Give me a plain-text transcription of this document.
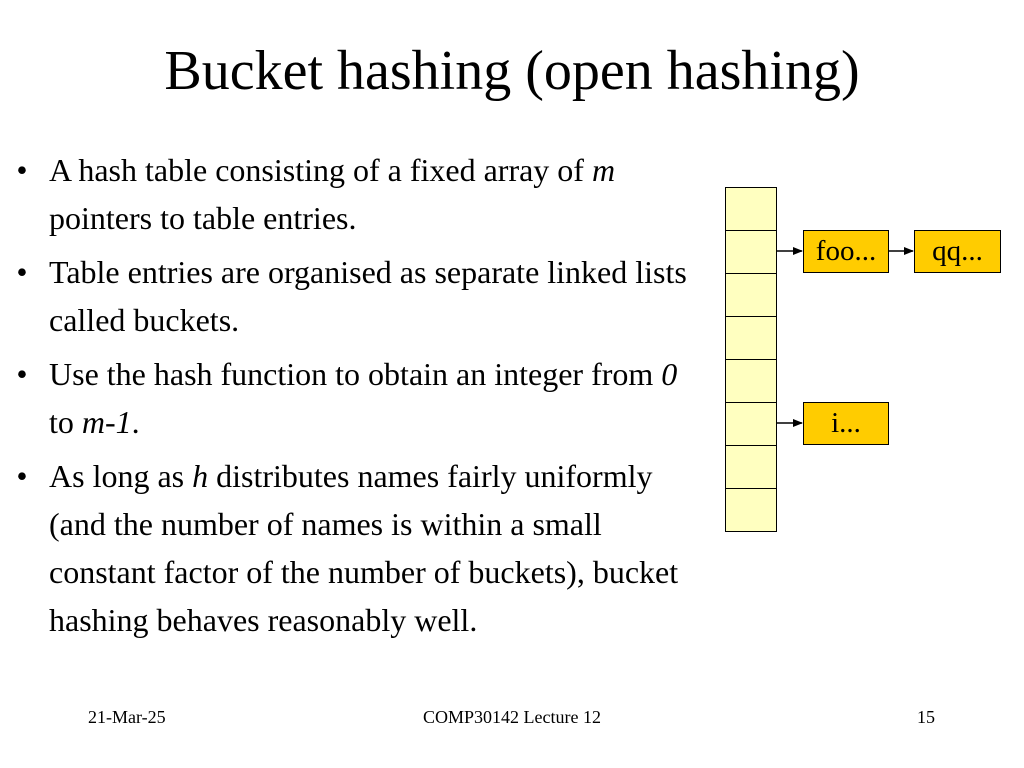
Bucket hashing (open hashing)
• A hash table consisting of a fixed array of m pointers to table entries.
• Table entries are organised as separate linked lists called buckets.
• Use the hash function to obtain an integer from 0 to m-1.
• As long as h distributes names fairly uniformly (and the number of names is within a small constant factor of the number of buckets), bucket hashing behaves reasonably well.
foo...	qq...
i...
21-Mar-25	COMP30142 Lecture 12	15
